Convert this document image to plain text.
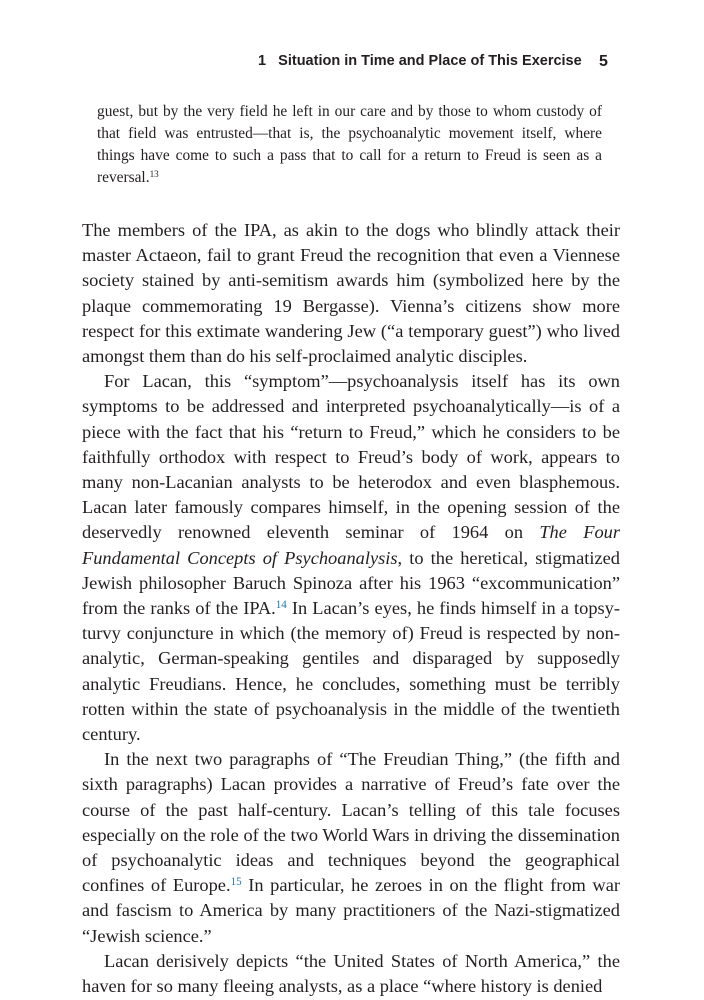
1 Situation in Time and Place of This Exercise 5

guest, but by the very field he left in our care and by those to whom custody of that field was entrusted—that is, the psychoanalytic movement itself, where things have come to such a pass that to call for a return to Freud is seen as a reversal.$^{13}$

The members of the IPA, as akin to the dogs who blindly attack their master Actaeon, fail to grant Freud the recognition that even a Viennese society stained by anti-semitism awards him (symbolized here by the plaque commemorating 19 Bergasse). Vienna’s citizens show more respect for this extimate wandering Jew (“a temporary guest”) who lived amongst them than do his self-proclaimed analytic disciples.

For Lacan, this “symptom”—psychoanalysis itself has its own symptoms to be addressed and interpreted psychoanalytically—is of a piece with the fact that his “return to Freud,” which he considers to be faithfully orthodox with respect to Freud’s body of work, appears to many non-Lacanian analysts to be heterodox and even blasphemous. Lacan later famously compares himself, in the opening session of the deservedly renowned eleventh seminar of 1964 on The Four Fundamental Concepts of Psychoanalysis, to the heretical, stigmatized Jewish philosopher Baruch Spinoza after his 1963 “excommunication” from the ranks of the IPA.$^{14}$ In Lacan’s eyes, he finds himself in a topsy-turvy conjuncture in which (the memory of) Freud is respected by non-analytic, German-speaking gentiles and disparaged by supposedly analytic Freudians. Hence, he concludes, something must be terribly rotten within the state of psychoanalysis in the middle of the twentieth century.

In the next two paragraphs of “The Freudian Thing,” (the fifth and sixth paragraphs) Lacan provides a narrative of Freud’s fate over the course of the past half-century. Lacan’s telling of this tale focuses especially on the role of the two World Wars in driving the dissemination of psychoanalytic ideas and techniques beyond the geographical confines of Europe.$^{15}$ In particular, he zeroes in on the flight from war and fascism to America by many practitioners of the Nazi-stigmatized “Jewish science.”

Lacan derisively depicts “the United States of North America,” the haven for so many fleeing analysts, as a place “where history is denied
